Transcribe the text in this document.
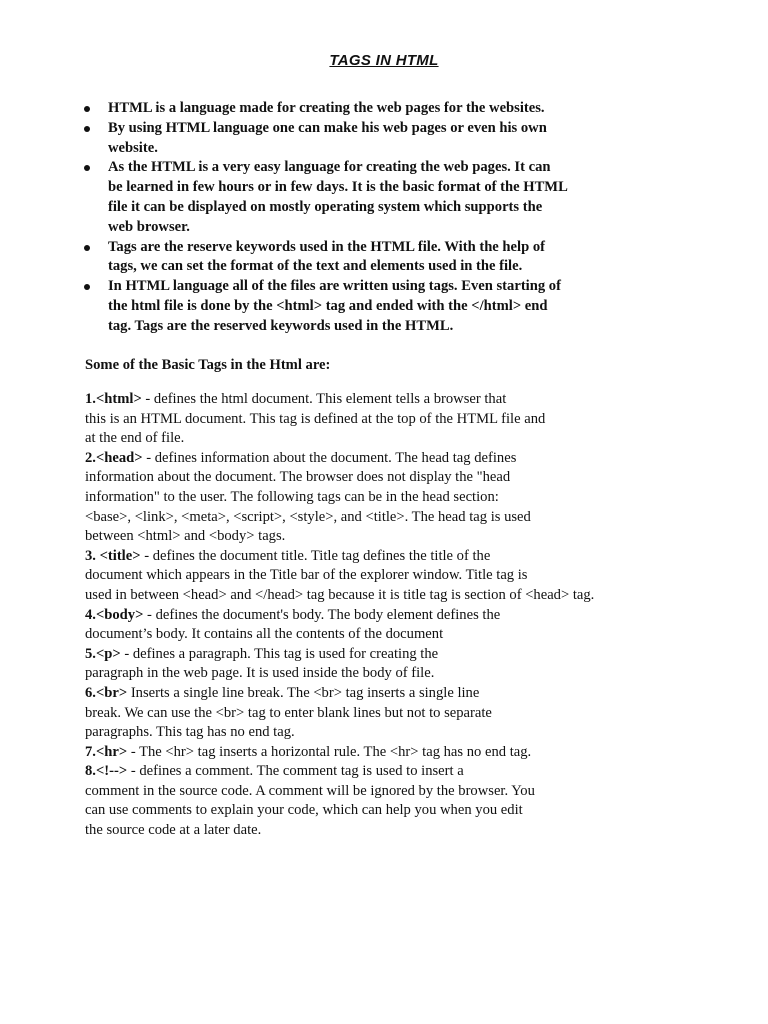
TAGS IN HTML
HTML is a language made for creating the web pages for the websites.
By using HTML language one can make his web pages or even his own
website.
As the HTML is a very easy language for creating the web pages. It can
be learned in few hours or in few days. It is the basic format of the HTML
file it can be displayed on mostly operating system which supports the
web browser.
Tags are the reserve keywords used in the HTML file. With the help of
tags, we can set the format of the text and elements used in the file.
In HTML language all of the files are written using tags. Even starting of
the html file is done by the <html> tag and ended with the </html> end
tag. Tags are the reserved keywords used in the HTML.
Some of the Basic Tags in the Html are:
1.<html> - defines the html document. This element tells a browser that
this is an HTML document. This tag is defined at the top of the HTML file and
at the end of file.
2.<head> - defines information about the document. The head tag defines
information about the document. The browser does not display the "head
information" to the user. The following tags can be in the head section:
<base>, <link>, <meta>, <script>, <style>, and <title>. The head tag is used
between <html> and <body> tags.
3. <title> - defines the document title. Title tag defines the title of the
document which appears in the Title bar of the explorer window. Title tag is
used in between <head> and </head> tag because it is title tag is section of <head> tag.
4.<body> - defines the document's body. The body element defines the
document’s body. It contains all the contents of the document
5.<p> - defines a paragraph. This tag is used for creating the
paragraph in the web page. It is used inside the body of file.
6.<br> Inserts a single line break. The <br> tag inserts a single line
break. We can use the <br> tag to enter blank lines but not to separate
paragraphs. This tag has no end tag.
7.<hr> - The <hr> tag inserts a horizontal rule. The <hr> tag has no end tag.
8.<!--> - defines a comment. The comment tag is used to insert a
comment in the source code. A comment will be ignored by the browser. You
can use comments to explain your code, which can help you when you edit
the source code at a later date.
